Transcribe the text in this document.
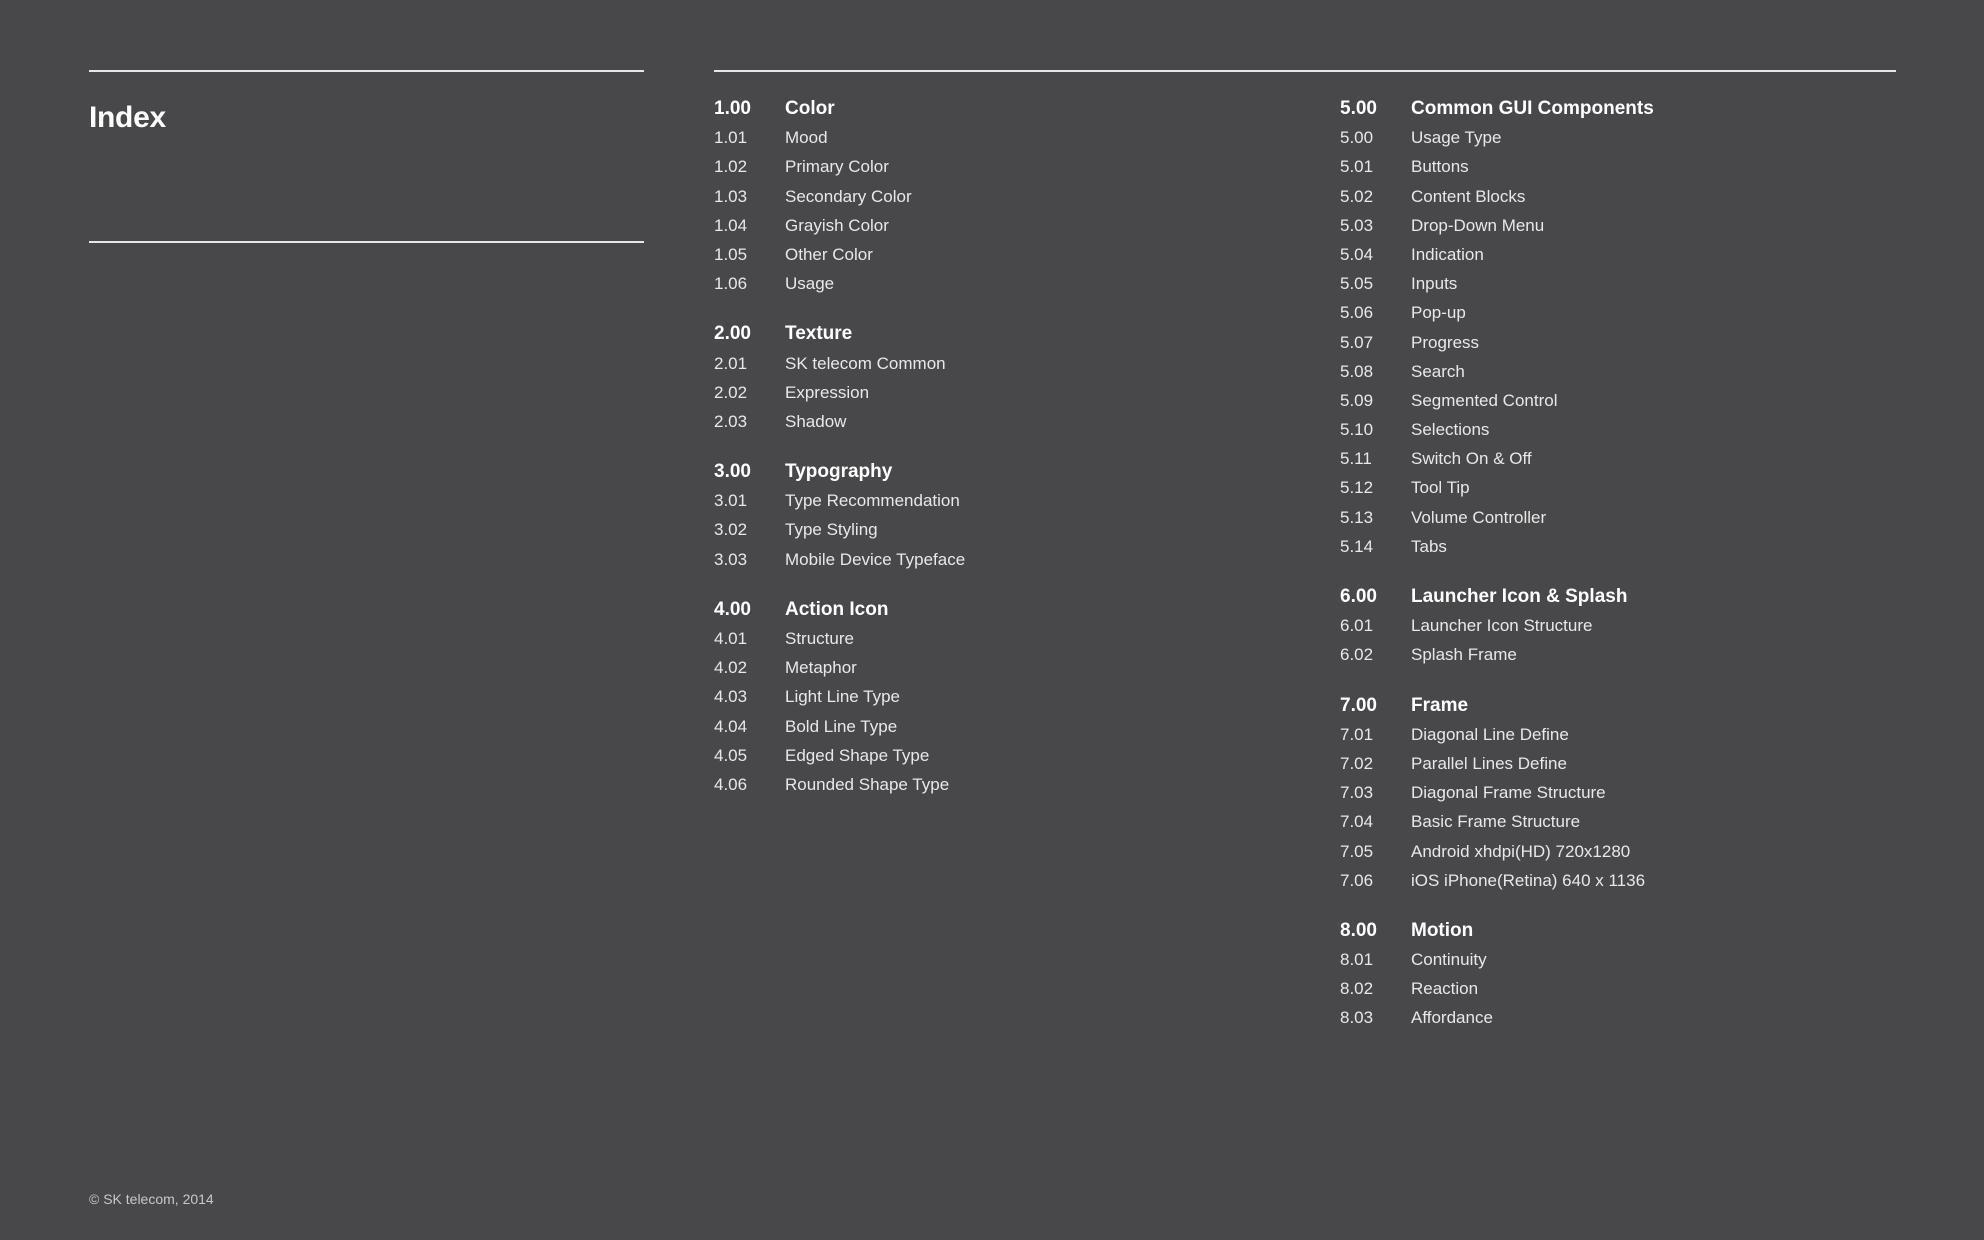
Index	1.00	Color
1.01	Mood
1.02	Primary Color
1.03	Secondary Color
1.04	Grayish Color
1.05	Other Color
1.06	Usage
2.00	Texture
2.01	SK telecom Common
2.02	Expression
2.03	Shadow
3.00	Typography
3.01	Type Recommendation
3.02	Type Styling
3.03	Mobile Device Typeface
4.00	Action Icon
4.01	Structure
4.02	Metaphor
4.03	Light Line Type
4.04	Bold Line Type
4.05	Edged Shape Type
4.06	Rounded Shape Type
5.00	Common GUI Components
5.00	Usage Type
5.01	Buttons
5.02	Content Blocks
5.03	Drop-Down Menu
5.04	Indication
5.05	Inputs
5.06	Pop-up
5.07	Progress
5.08	Search
5.09	Segmented Control
5.10	Selections
5.11	Switch On & Off
5.12	Tool Tip
5.13	Volume Controller
5.14	Tabs
6.00	Launcher Icon & Splash
6.01	Launcher Icon Structure
6.02	Splash Frame
7.00	Frame
7.01	Diagonal Line Define
7.02	Parallel Lines Define
7.03	Diagonal Frame Structure
7.04	Basic Frame Structure
7.05	Android xhdpi(HD) 720x1280
7.06	iOS iPhone(Retina) 640 x 1136
8.00	Motion
8.01	Continuity
8.02	Reaction
8.03	Affordance
© SK telecom, 2014
